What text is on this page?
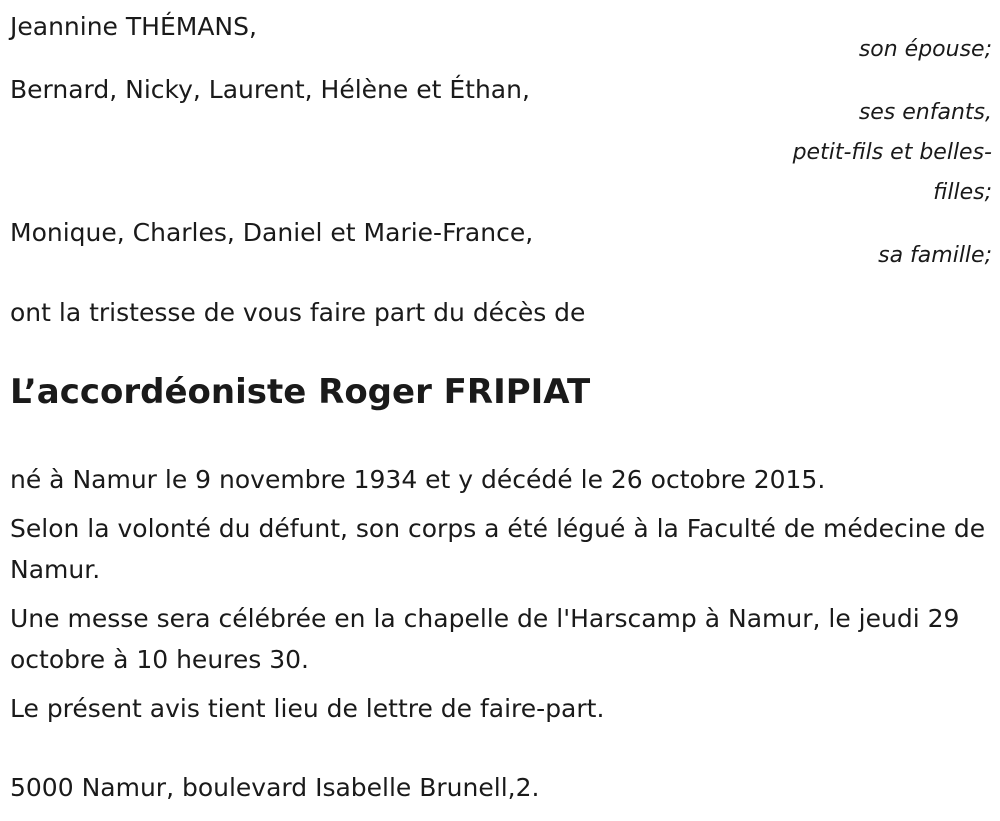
Jeannine THÉMANS,
son épouse;
Bernard, Nicky, Laurent, Hélène et Éthan,
ses enfants,
petit-fils et belles-
filles;
Monique, Charles, Daniel et Marie-France,
sa famille;
ont la tristesse de vous faire part du décès de
L’accordéoniste Roger FRIPIAT
né à Namur le 9 novembre 1934 et y décédé le 26 octobre 2015.
Selon la volonté du défunt, son corps a été légué à la Faculté de médecine de Namur.
Une messe sera célébrée en la chapelle de l'Harscamp à Namur, le jeudi 29 octobre à 10 heures 30.
Le présent avis tient lieu de lettre de faire-part.
5000 Namur, boulevard Isabelle Brunell,2.
